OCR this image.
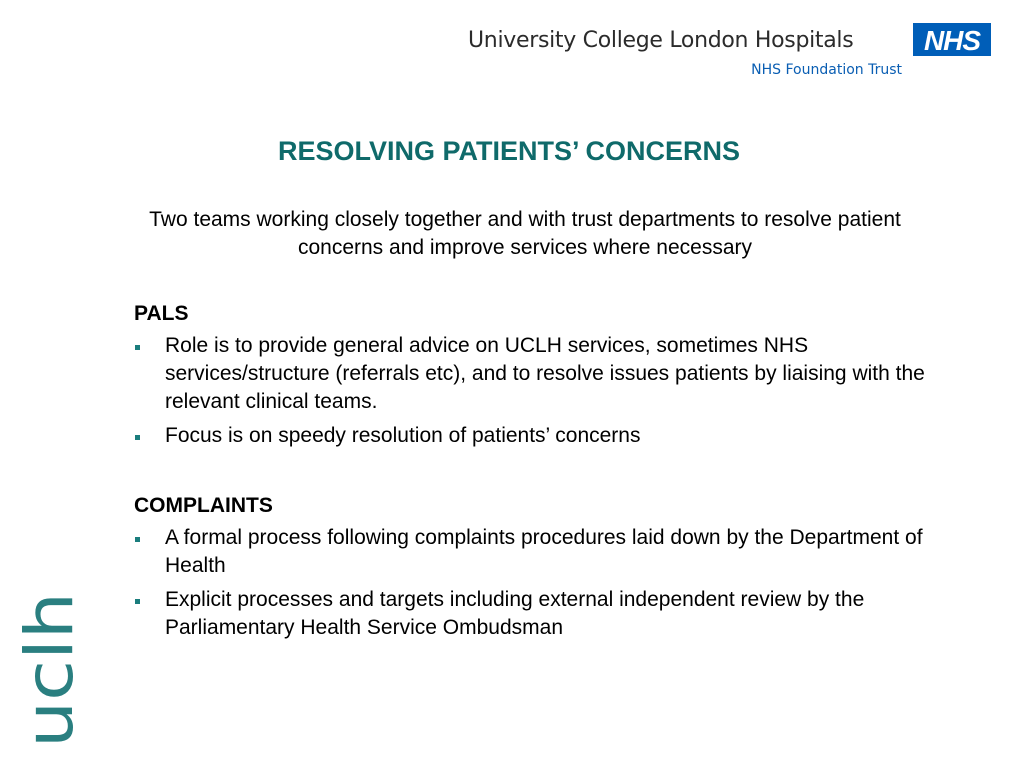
University College London Hospitals
NHS Foundation Trust
NHS
RESOLVING PATIENTS’ CONCERNS
Two teams working closely together and with trust departments to resolve patient concerns and improve services where necessary
PALS
Role is to provide general advice on UCLH services, sometimes NHS services/structure (referrals etc), and to resolve issues patients by liaising with the relevant clinical teams.
Focus is on speedy resolution of patients’ concerns
COMPLAINTS
A formal process following complaints procedures laid down by the Department of Health
Explicit processes and targets including external independent review by the Parliamentary Health Service Ombudsman
uclh
